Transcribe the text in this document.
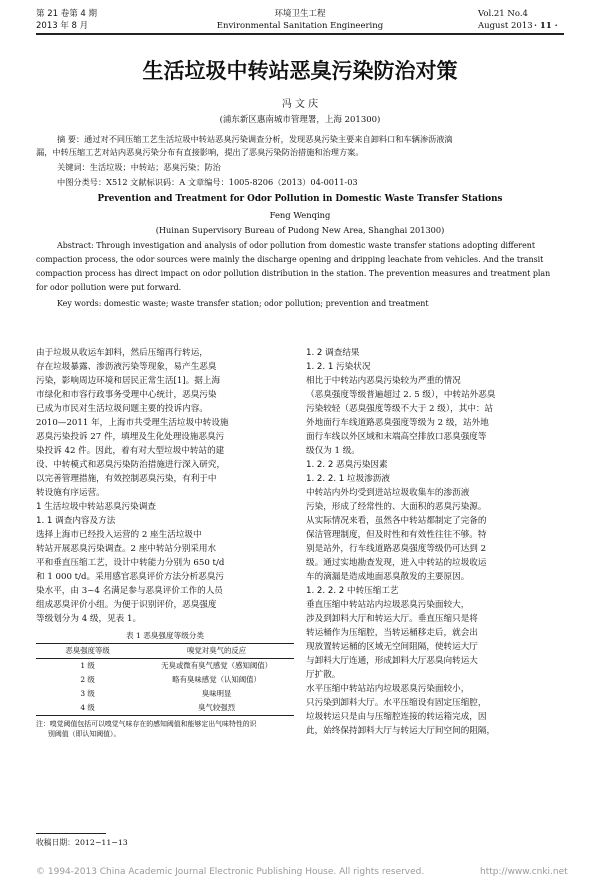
第 21 卷第 4 期
2013 年 8 月
环境卫生工程
Environmental Sanitation Engineering
Vol.21 No.4
August 2013 · 11 ·
生活垃圾中转站恶臭污染防治对策
冯 文 庆
(浦东新区惠南城市管理署，上海 201300)
摘 要：通过对不同压缩工艺生活垃圾中转站恶臭污染调查分析，发现恶臭污染主要来自卸料口和车辆渗沥液滴
漏，中转压缩工艺对站内恶臭污染分布有直接影响，提出了恶臭污染防治措施和治理方案。
关键词：生活垃圾；中转站；恶臭污染；防治
中图分类号：X512 文献标识码：A 文章编号：1005-8206（2013）04-0011-03
Prevention and Treatment for Odor Pollution in Domestic Waste Transfer Stations
Feng Wenqing
(Huinan Supervisory Bureau of Pudong New Area, Shanghai 201300)
Abstract: Through investigation and analysis of odor pollution from domestic waste transfer stations adopting different
compaction process, the odor sources were mainly the discharge opening and dripping leachate from vehicles. And the transit
compaction process has direct impact on odor pollution distribution in the station. The prevention measures and treatment plan
for odor pollution were put forward.
Key words: domestic waste; waste transfer station; odor pollution; prevention and treatment

由于垃圾从收运车卸料，然后压缩再行转运，

存在垃圾暴露、渗沥液污染等现象，易产生恶臭

污染，影响周边环境和居民正常生活[1]。据上海

市绿化和市容行政事务受理中心统计，恶臭污染

已成为市民对生活垃圾问题主要的投诉内容。

2010—2011 年，上海市共受理生活垃圾中转设施

恶臭污染投诉 27 件，填埋及生化处理设施恶臭污

染投诉 42 件。因此，着有对大型垃圾中转站的建

设、中转模式和恶臭污染防治措施进行深入研究，

以完善管理措施，有效控制恶臭污染，有利于中

转设施有序运营。

1 生活垃圾中转站恶臭污染调查

1. 1 调查内容及方法

选择上海市已经投入运营的 2 座生活垃圾中

转站开展恶臭污染调查。2 座中转站分别采用水

平和垂直压缩工艺，设计中转能力分别为 650 t/d

和 1 000 t/d。采用感官恶臭评价方法分析恶臭污

染水平，由 3~4 名满足参与恶臭评价工作的人员

组成恶臭评价小组。为便于识别评价，恶臭强度

等级划分为 4 级，见表 1。

表 1 恶臭强度等级分类
恶臭强度等级	嗅觉对臭气的反应
1 级	无臭或微有臭气感觉（感知阈值）
2 级	略有臭味感觉（认知阈值）
3 级	臭味明显
4 级	臭气较强烈
注：嗅觉阈值包括可以嗅觉气味存在的感知阈值和能够定出气味特性的识
别阈值（即认知阈值）。
收稿日期：2012−11−13

1. 2 调查结果

1. 2. 1 污染状况

相比于中转站内恶臭污染较为严重的情况

（恶臭强度等级普遍超过 2. 5 级），中转站外恶臭

污染较轻（恶臭强度等级不大于 2 级），其中：站

外地面行车线道路恶臭强度等级为 2 级，站外地

面行车线以外区域和末端高空排放口恶臭强度等

级仅为 1 级。

1. 2. 2 恶臭污染因素

1. 2. 2. 1 垃圾渗沥液

中转站内外均受到进站垃圾收集车的渗沥液

污染，形成了经常性的、大面积的恶臭污染源。

从实际情况来看，虽然各中转站都制定了完备的

保洁管理制度，但及时性和有效性往往不够。特

别是站外，行车线道路恶臭强度等级仍可达到 2

级。通过实地勘查发现，进入中转站的垃圾收运

车的滴漏是造成地面恶臭散发的主要原因。

1. 2. 2. 2 中转压缩工艺

垂直压缩中转站站内垃圾恶臭污染面较大，

涉及到卸料大厅和转运大厅。垂直压缩只是将

转运桶作为压缩腔，当转运桶移走后，就会出

现放置转运桶的区域无空间阻隔，使转运大厅

与卸料大厅连通，形成卸料大厅恶臭向转运大

厅扩散。

水平压缩中转站站内垃圾恶臭污染面较小，

只污染到卸料大厅。水平压缩设有固定压缩腔，

垃圾转运只是由与压缩腔连接的转运箱完成，因

此，始终保持卸料大厅与转运大厅间空间的阻隔，

© 1994-2013 China Academic Journal Electronic Publishing House. All rights reserved.	http://www.cnki.net
